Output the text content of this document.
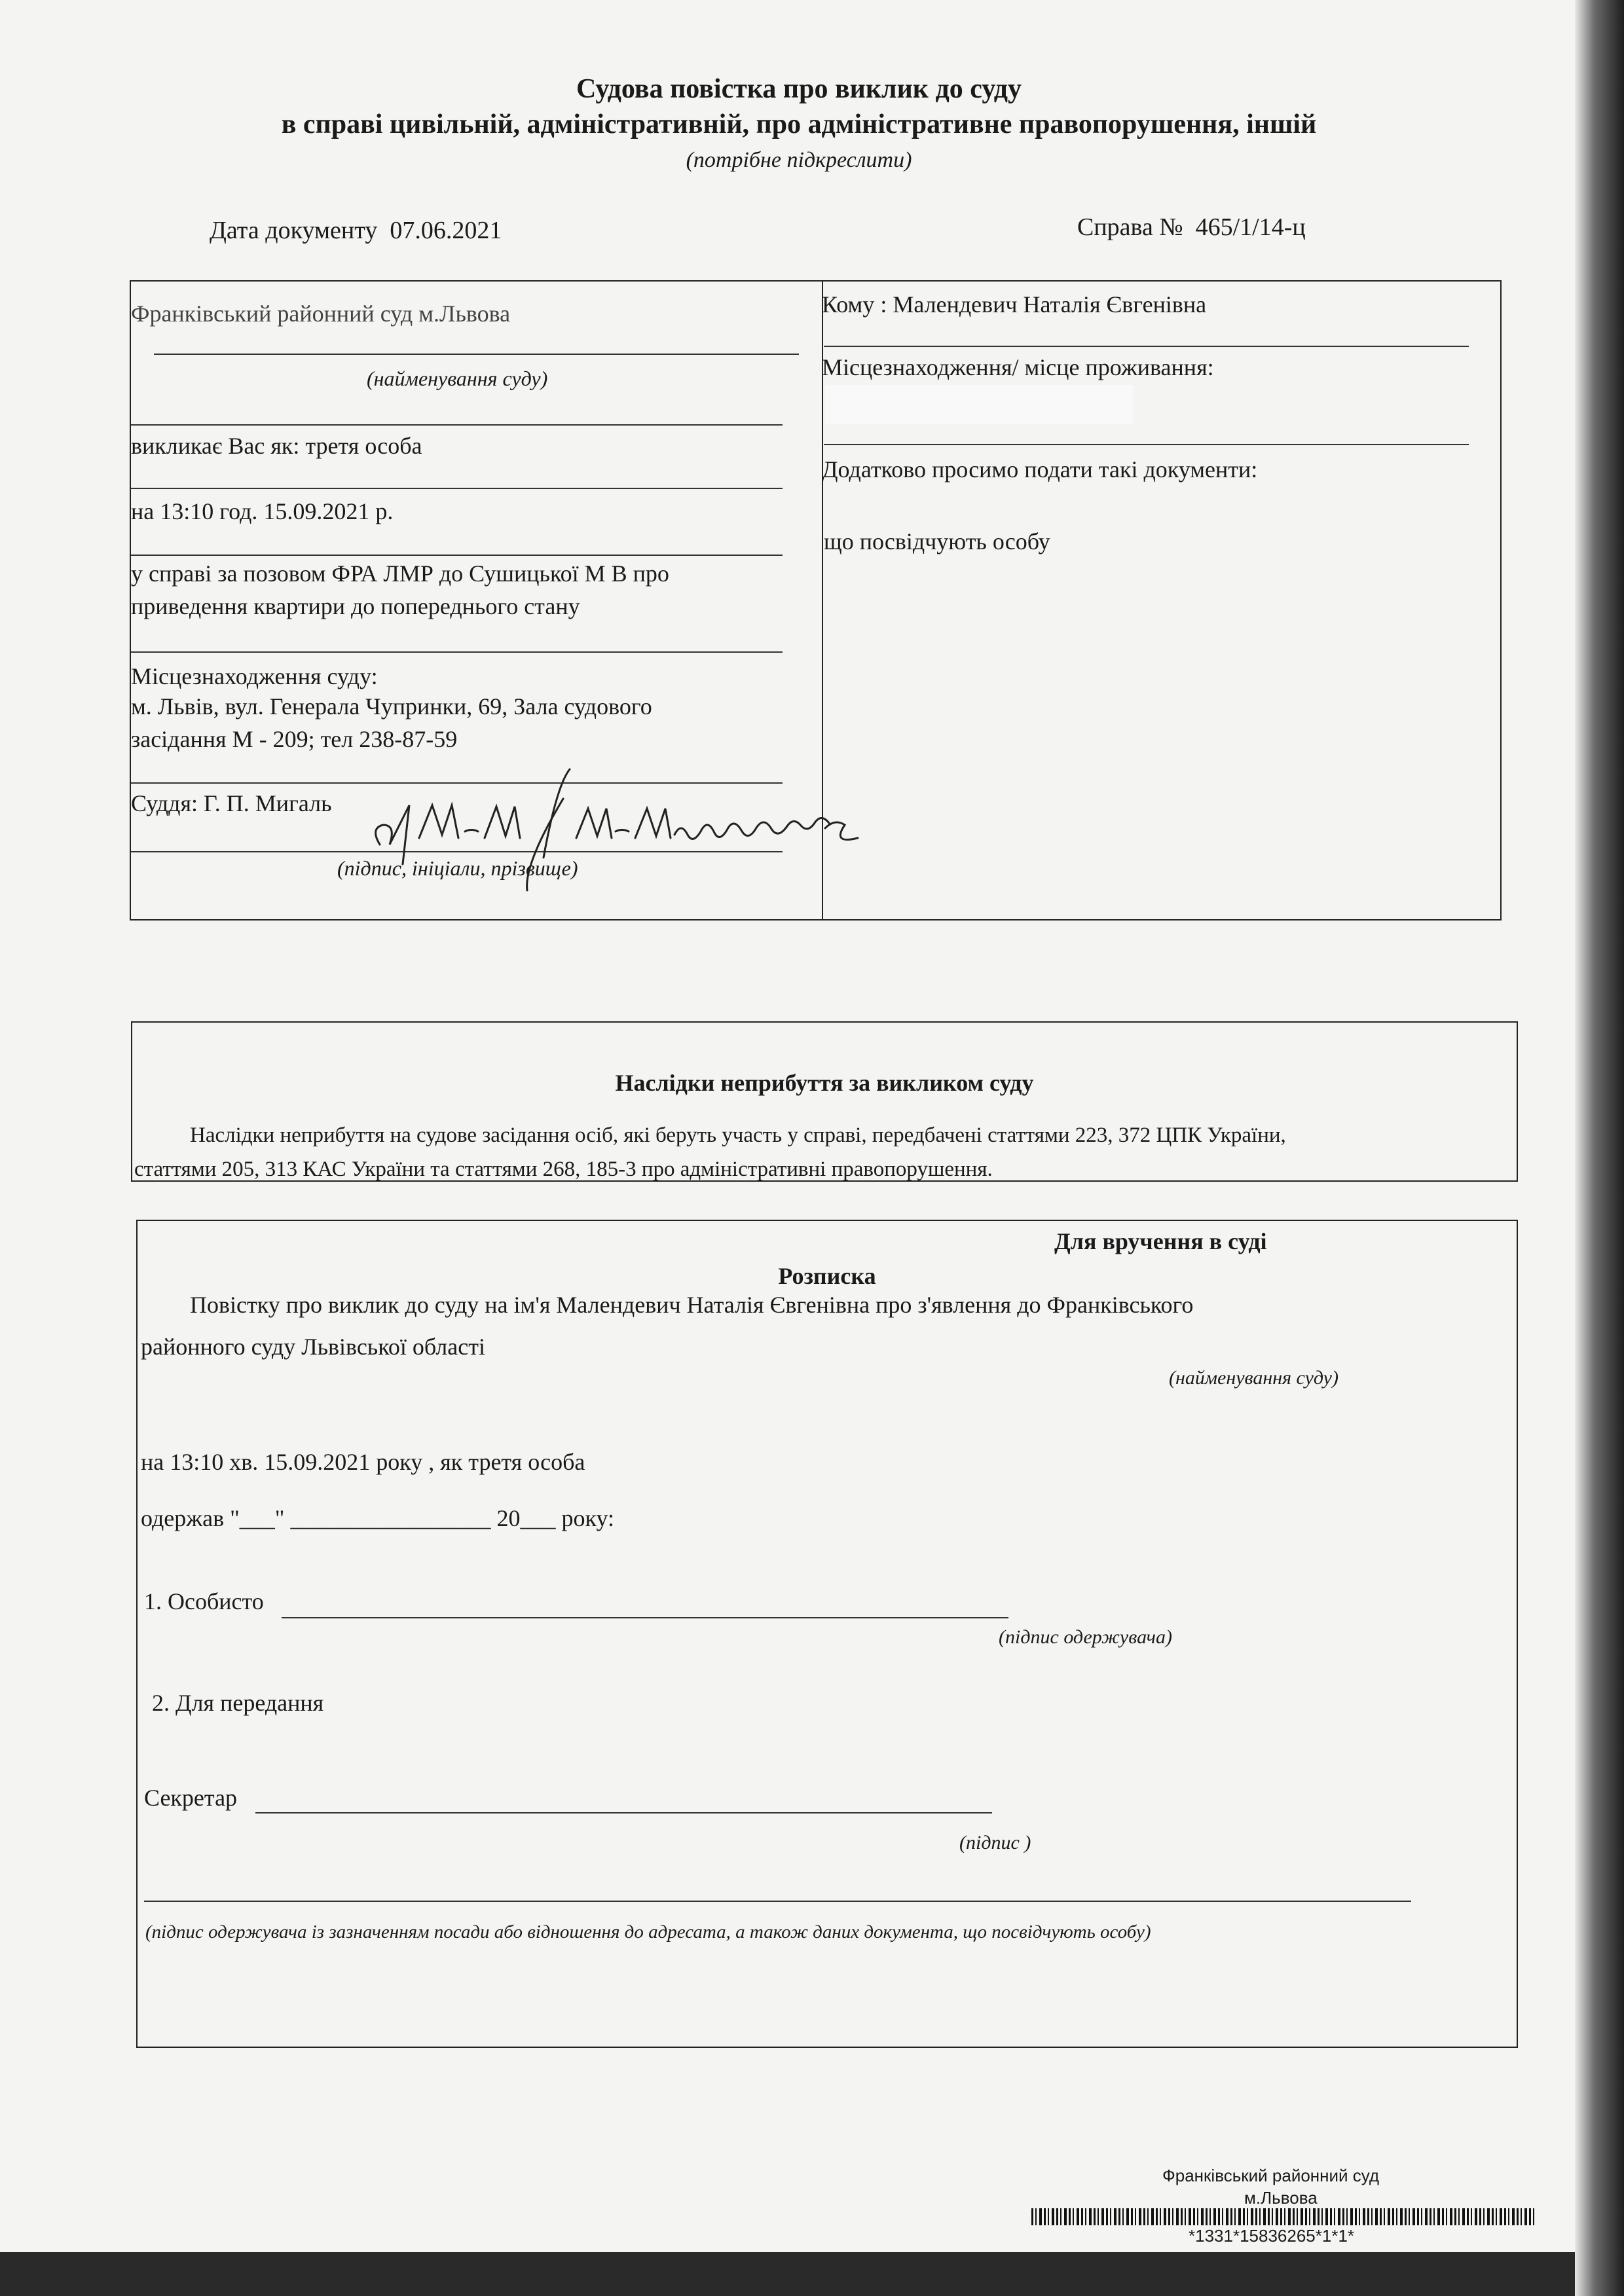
Судова повістка про виклик до суду
в справі цивільній, адміністративній, про адміністративне правопорушення, іншій
(потрібне підкреслити)
Дата документу 07.06.2021	Справа № 465/1/14-ц
Франківський районний суд м.Львова
(найменування суду)
викликає Вас як: третя особа
на 13:10 год. 15.09.2021 р.
у справі за позовом ФРА ЛМР до Сушицької М В про
приведення квартири до попереднього стану
Місцезнаходження суду:
м. Львів, вул. Генерала Чупринки, 69, Зала судового
засідання М - 209; тел 238-87-59
Суддя: Г. П. Мигаль
(підпис, ініціали, прізвище)
ɑ/ М.М. / М.М.Максимович
Кому : Малендевич Наталія Євгенівна
Місцезнаходження/ місце проживання:
Додатково просимо подати такі документи:
що посвідчують особу
Наслідки неприбуття за викликом суду
Наслідки неприбуття на судове засідання осіб, які беруть участь у справі, передбачені статтями 223, 372 ЦПК України,
статтями 205, 313 КАС України та статтями 268, 185-3 про адміністративні правопорушення.
Для вручення в суді
Розписка
Повістку про виклик до суду на ім'я Малендевич Наталія Євгенівна про з'явлення до Франківського
районного суду Львівської області
(найменування суду)
на 13:10 хв. 15.09.2021 року , як третя особа
одержав "___" _________________ 20___ року:
1. Особисто
(підпис одержувача)
2. Для передання
Секретар
(підпис )
(підпис одержувача із зазначенням посади або відношення до адресата, а також даних документа, що посвідчують особу)
Франківський районний суд
м.Львова
*1331*15836265*1*1*
